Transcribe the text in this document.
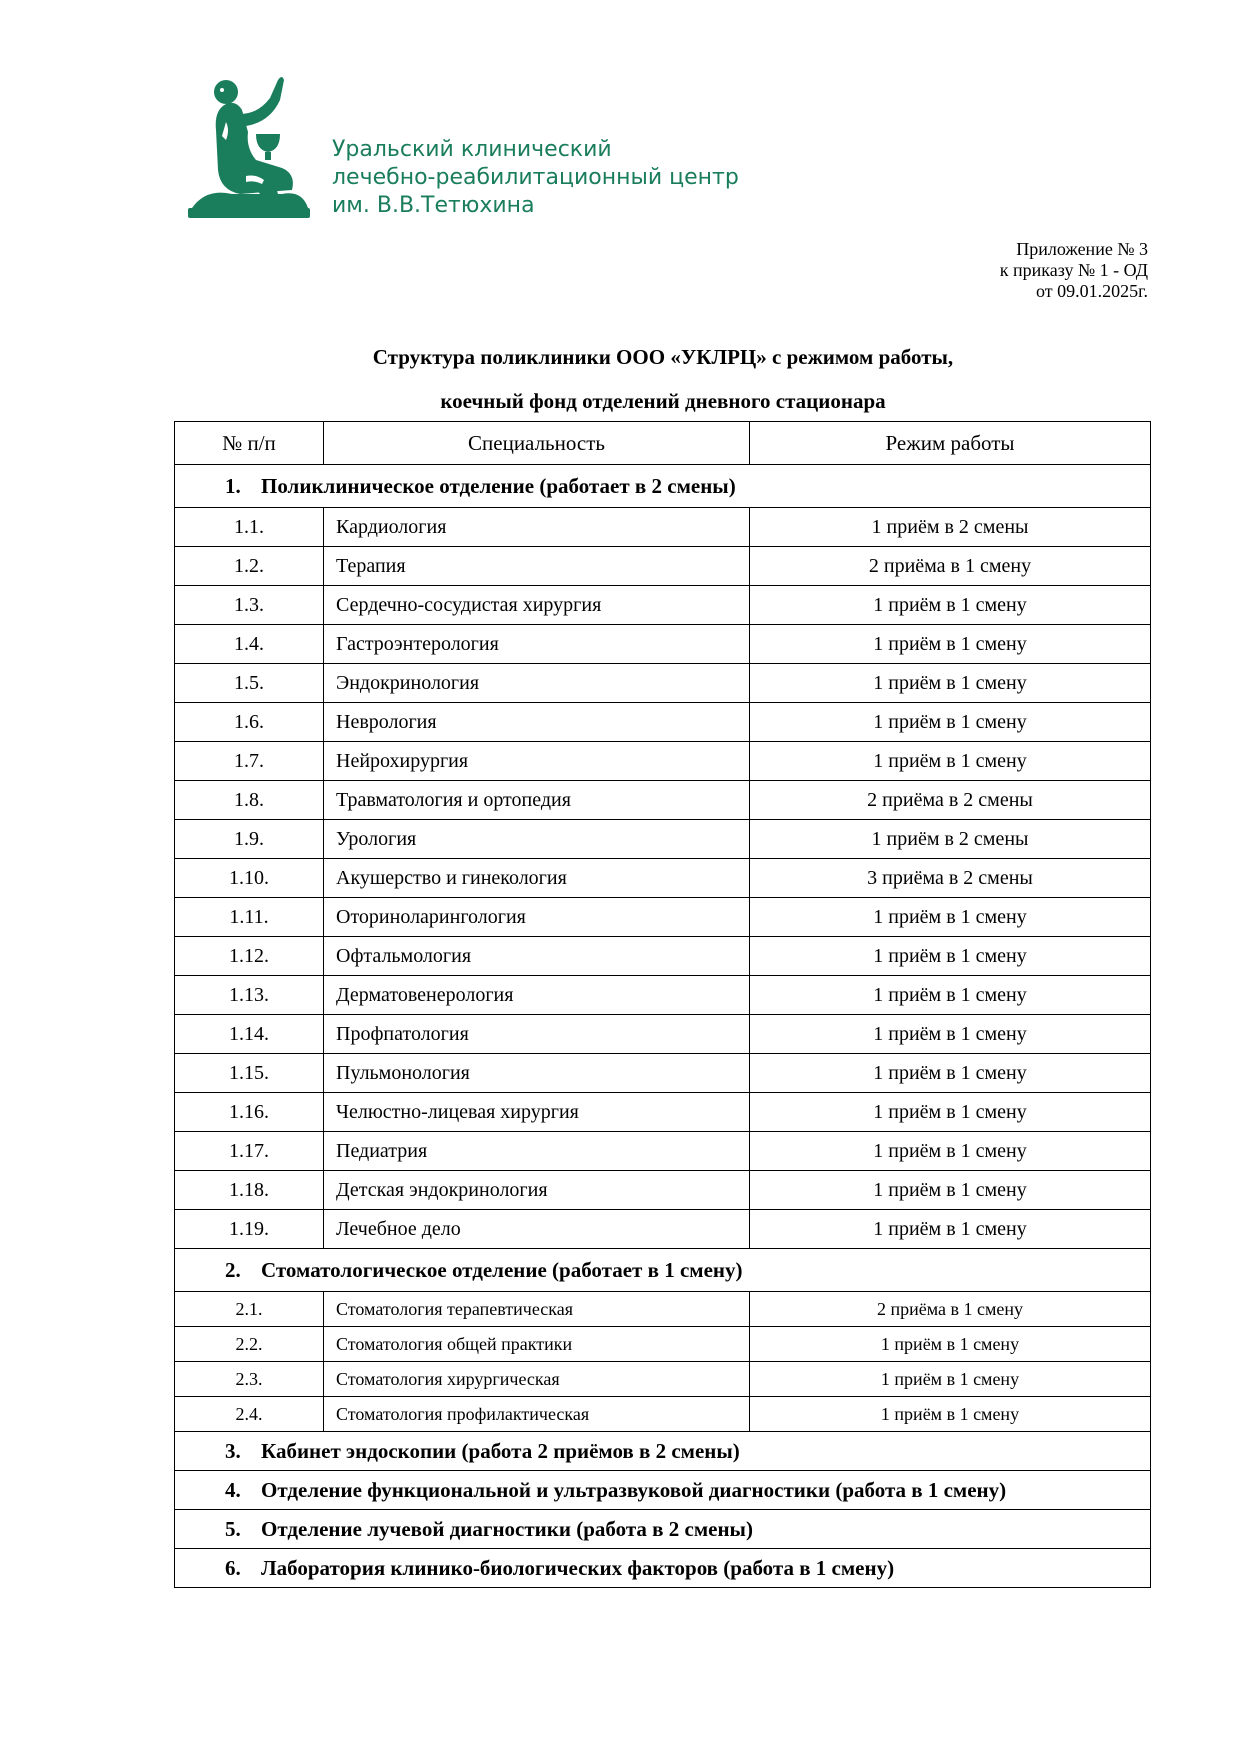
Уральский клинический
лечебно-реабилитационный центр
им. В.В.Тетюхина
Приложение № 3
к приказу № 1 - ОД
от 09.01.2025г.
Структура поликлиники ООО «УКЛРЦ» с режимом работы,
коечный фонд отделений дневного стационара
№ п/п	Специальность	Режим работы
1. Поликлиническое отделение (работает в 2 смены)		
1.1.	Кардиология	1 приём в 2 смены
1.2.	Терапия	2 приёма в 1 смену
1.3.	Сердечно-сосудистая хирургия	1 приём в 1 смену
1.4.	Гастроэнтерология	1 приём в 1 смену
1.5.	Эндокринология	1 приём в 1 смену
1.6.	Неврология	1 приём в 1 смену
1.7.	Нейрохирургия	1 приём в 1 смену
1.8.	Травматология и ортопедия	2 приёма в 2 смены
1.9.	Урология	1 приём в 2 смены
1.10.	Акушерство и гинекология	3 приёма в 2 смены
1.11.	Оториноларингология	1 приём в 1 смену
1.12.	Офтальмология	1 приём в 1 смену
1.13.	Дерматовенерология	1 приём в 1 смену
1.14.	Профпатология	1 приём в 1 смену
1.15.	Пульмонология	1 приём в 1 смену
1.16.	Челюстно-лицевая хирургия	1 приём в 1 смену
1.17.	Педиатрия	1 приём в 1 смену
1.18.	Детская эндокринология	1 приём в 1 смену
1.19.	Лечебное дело	1 приём в 1 смену
2. Стоматологическое отделение (работает в 1 смену)		
2.1.	Стоматология терапевтическая	2 приёма в 1 смену
2.2.	Стоматология общей практики	1 приём в 1 смену
2.3.	Стоматология хирургическая	1 приём в 1 смену
2.4.	Стоматология профилактическая	1 приём в 1 смену
3. Кабинет эндоскопии (работа 2 приёмов в 2 смены)		
4. Отделение функциональной и ультразвуковой диагностики (работа в 1 смену)		
5. Отделение лучевой диагностики (работа в 2 смены)		
6. Лаборатория клинико-биологических факторов (работа в 1 смену)		
